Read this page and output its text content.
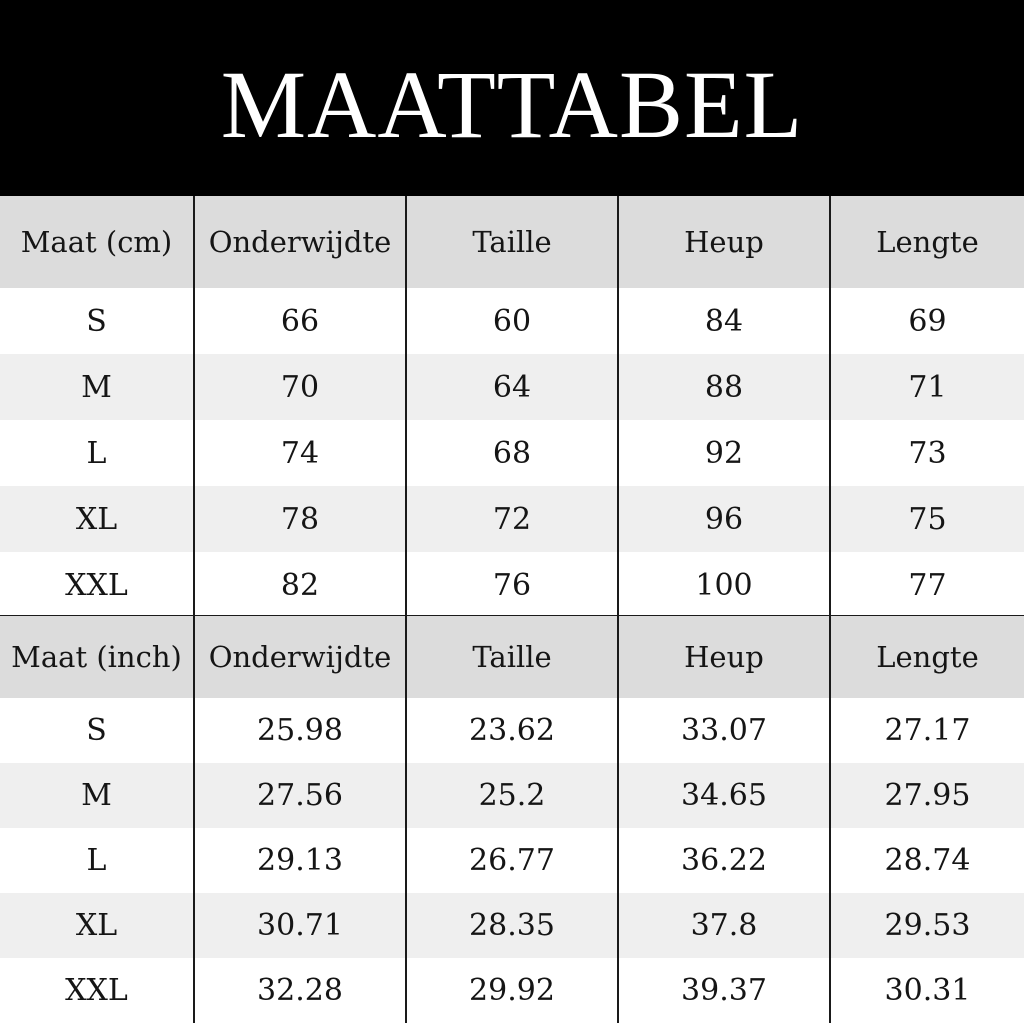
MAATTABEL
Maat (cm)	Onderwijdte	Taille	Heup	Lengte
S	66	60	84	69
M	70	64	88	71
L	74	68	92	73
XL	78	72	96	75
XXL	82	76	100	77
Maat (inch)	Onderwijdte	Taille	Heup	Lengte
S	25.98	23.62	33.07	27.17
M	27.56	25.2	34.65	27.95
L	29.13	26.77	36.22	28.74
XL	30.71	28.35	37.8	29.53
XXL	32.28	29.92	39.37	30.31
